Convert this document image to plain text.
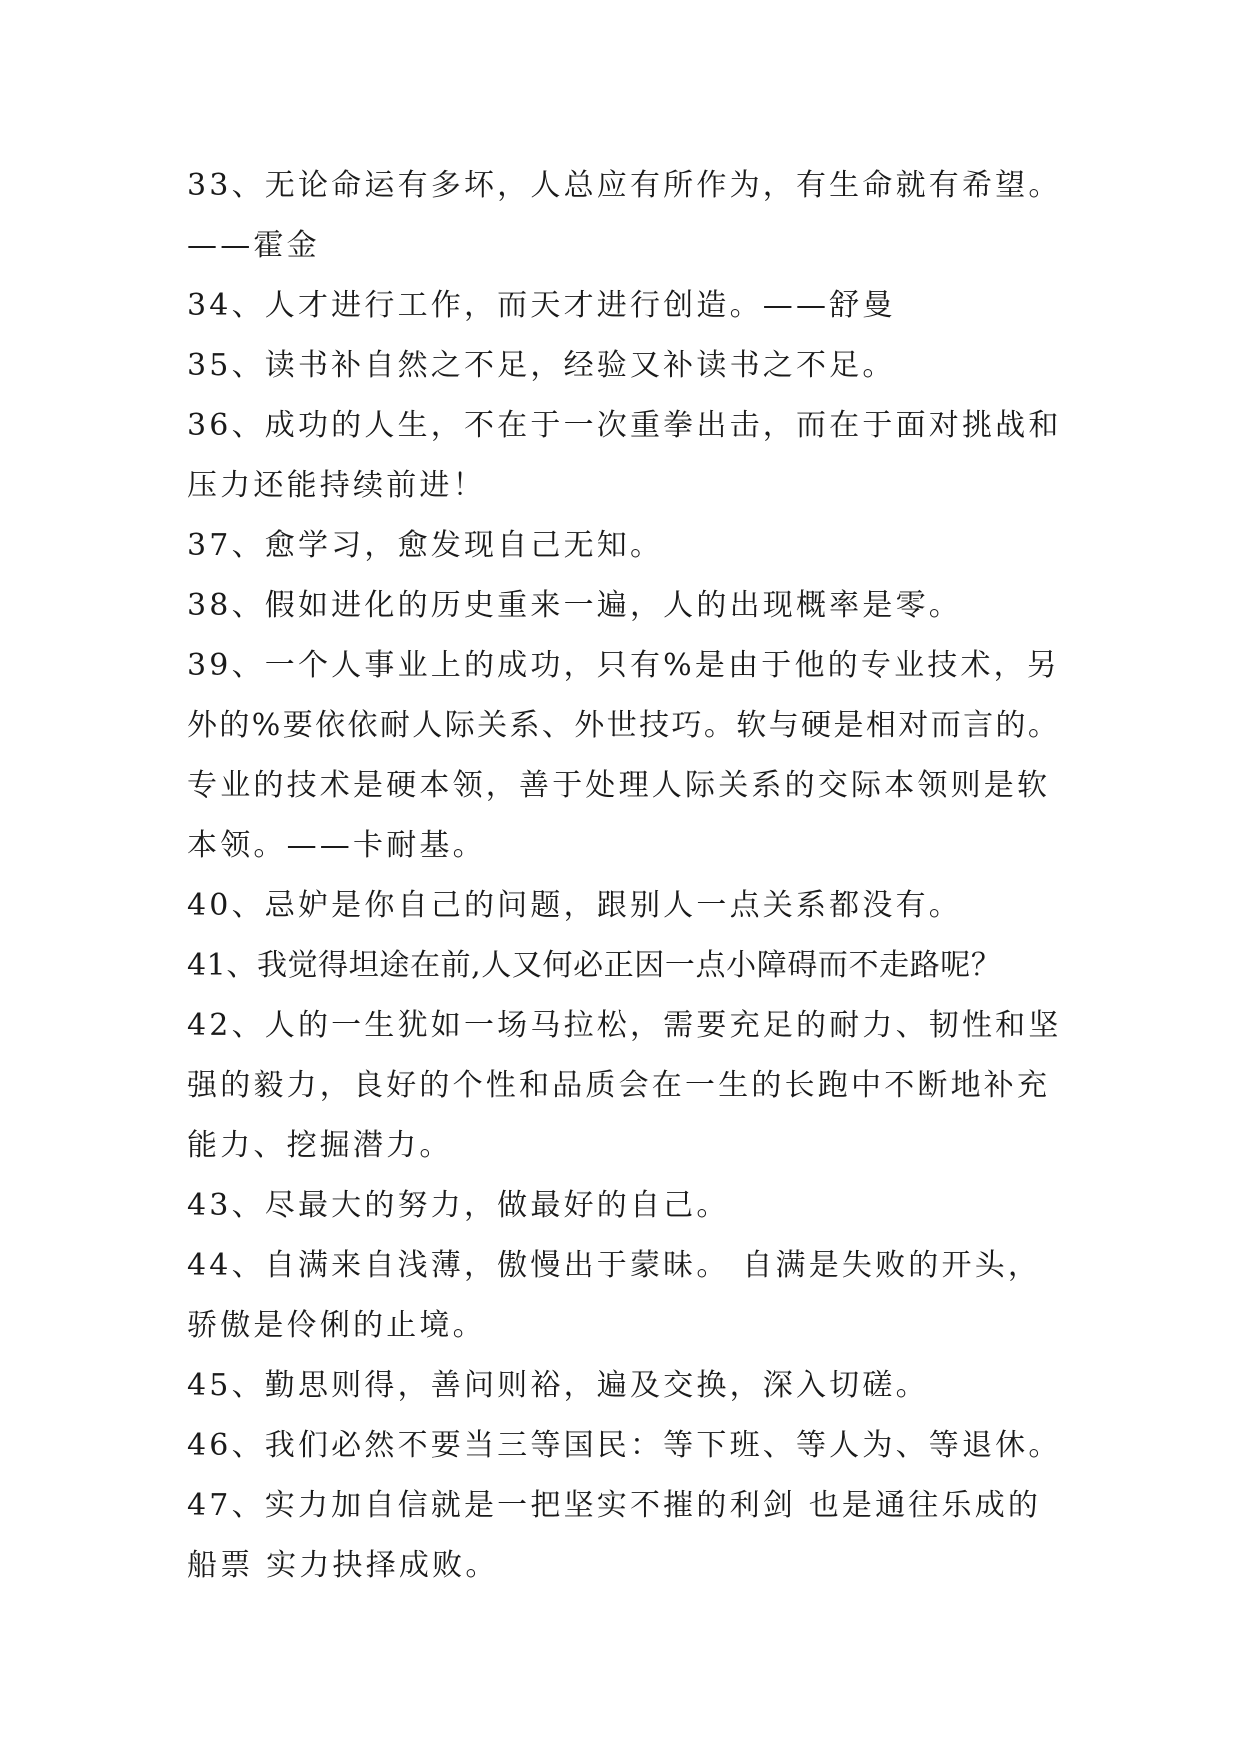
33、无论命运有多坏，人总应有所作为，有生命就有希望。
——霍金
34、人才进行工作，而天才进行创造。——舒曼
35、读书补自然之不足，经验又补读书之不足。
36、成功的人生，不在于一次重拳出击，而在于面对挑战和
压力还能持续前进！
37、愈学习，愈发现自己无知。
38、假如进化的历史重来一遍，人的出现概率是零。
39、一个人事业上的成功，只有%是由于他的专业技术，另
外的%要依依耐人际关系、外世技巧。软与硬是相对而言的。
专业的技术是硬本领，善于处理人际关系的交际本领则是软
本领。——卡耐基。
40、忌妒是你自己的问题，跟别人一点关系都没有。
41、我觉得坦途在前,人又何必正因一点小障碍而不走路呢？
42、人的一生犹如一场马拉松，需要充足的耐力、韧性和坚
强的毅力，良好的个性和品质会在一生的长跑中不断地补充
能力、挖掘潜力。
43、尽最大的努力，做最好的自己。
44、自满来自浅薄，傲慢出于蒙昧。 自满是失败的开头，
骄傲是伶俐的止境。
45、勤思则得，善问则裕，遍及交换，深入切磋。
46、我们必然不要当三等国民：等下班、等人为、等退休。
47、实力加自信就是一把坚实不摧的利剑 也是通往乐成的
船票 实力抉择成败。
